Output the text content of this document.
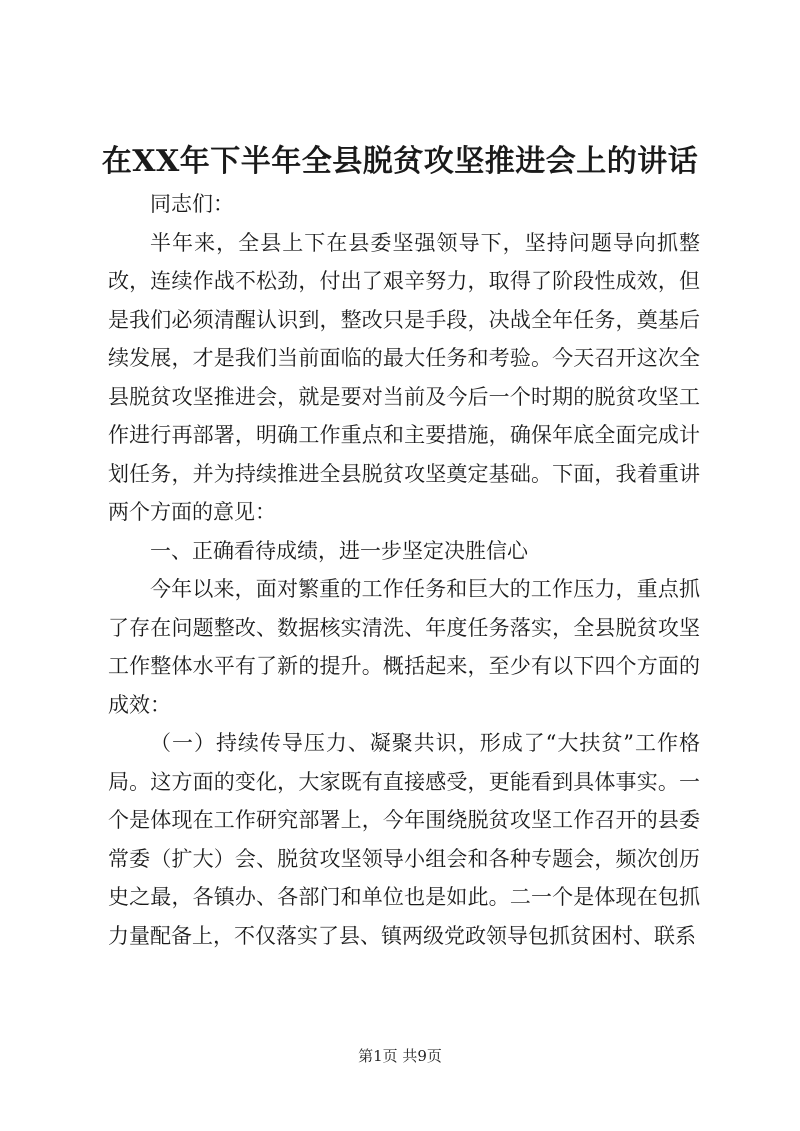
在XX年下半年全县脱贫攻坚推进会上的讲话

同志们：

半年来，全县上下在县委坚强领导下，坚持问题导向抓整改，连续作战不松劲，付出了艰辛努力，取得了阶段性成效，但是我们必须清醒认识到，整改只是手段，决战全年任务，奠基后续发展，才是我们当前面临的最大任务和考验。今天召开这次全县脱贫攻坚推进会，就是要对当前及今后一个时期的脱贫攻坚工作进行再部署，明确工作重点和主要措施，确保年底全面完成计划任务，并为持续推进全县脱贫攻坚奠定基础。下面，我着重讲两个方面的意见：

一、正确看待成绩，进一步坚定决胜信心

今年以来，面对繁重的工作任务和巨大的工作压力，重点抓了存在问题整改、数据核实清洗、年度任务落实，全县脱贫攻坚工作整体水平有了新的提升。概括起来，至少有以下四个方面的成效：

（一）持续传导压力、凝聚共识，形成了“大扶贫”工作格局。这方面的变化，大家既有直接感受，更能看到具体事实。一个是体现在工作研究部署上，今年围绕脱贫攻坚工作召开的县委常委（扩大）会、脱贫攻坚领导小组会和各种专题会，频次创历史之最，各镇办、各部门和单位也是如此。二一个是体现在包抓力量配备上，不仅落实了县、镇两级党政领导包抓贫困村、联系

第1页 共9页
